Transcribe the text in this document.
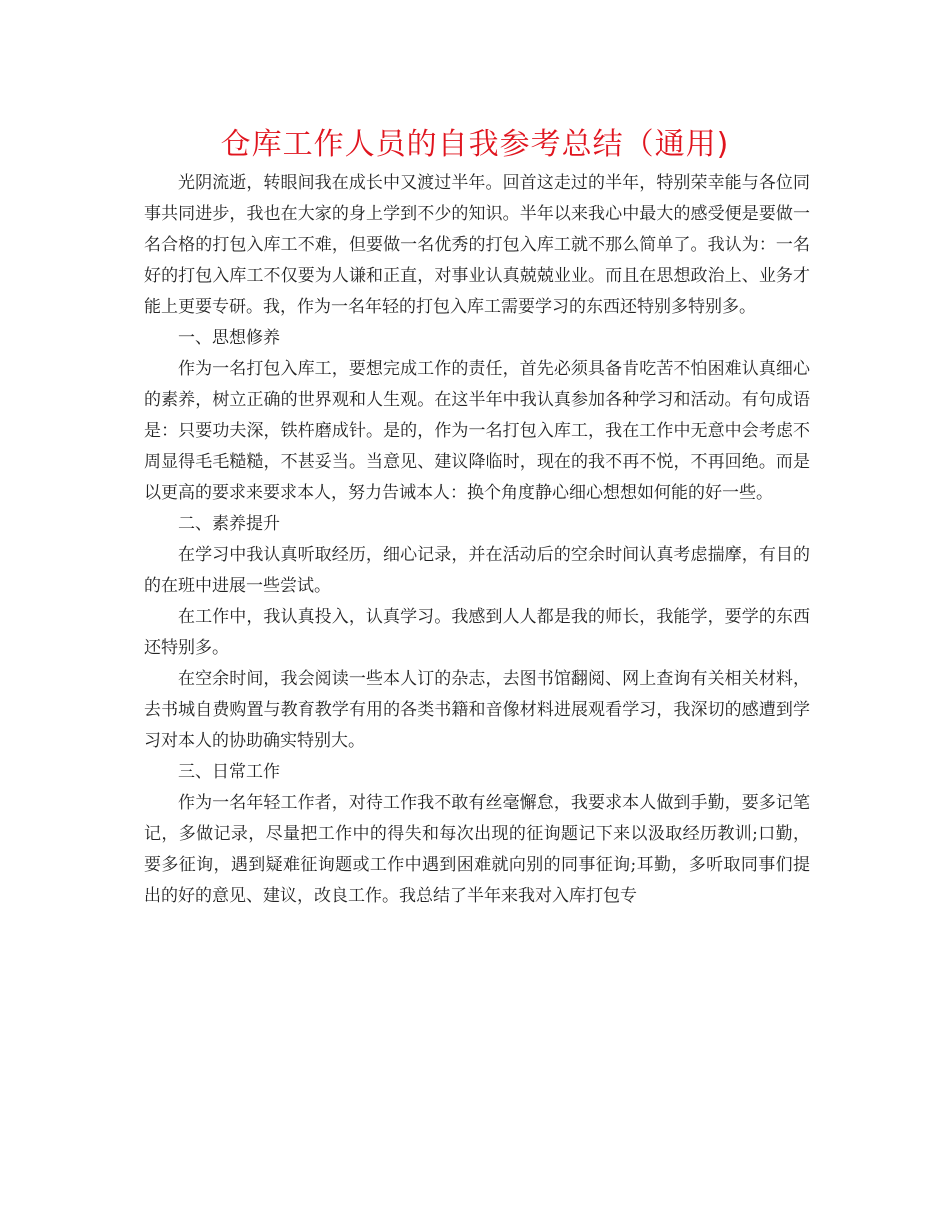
仓库工作人员的自我参考总结（通用)

光阴流逝，转眼间我在成长中又渡过半年。回首这走过的半年，特别荣幸能与各位同事共同进步，我也在大家的身上学到不少的知识。半年以来我心中最大的感受便是要做一名合格的打包入库工不难，但要做一名优秀的打包入库工就不那么简单了。我认为：一名好的打包入库工不仅要为人谦和正直，对事业认真兢兢业业。而且在思想政治上、业务才能上更要专研。我，作为一名年轻的打包入库工需要学习的东西还特别多特别多。

一、思想修养

作为一名打包入库工，要想完成工作的责任，首先必须具备肯吃苦不怕困难认真细心的素养，树立正确的世界观和人生观。在这半年中我认真参加各种学习和活动。有句成语是：只要功夫深，铁杵磨成针。是的，作为一名打包入库工，我在工作中无意中会考虑不周显得毛毛糙糙，不甚妥当。当意见、建议降临时，现在的我不再不悦，不再回绝。而是以更高的要求来要求本人，努力告诫本人：换个角度静心细心想想如何能的好一些。

二、素养提升

在学习中我认真听取经历，细心记录，并在活动后的空余时间认真考虑揣摩，有目的的在班中进展一些尝试。

在工作中，我认真投入，认真学习。我感到人人都是我的师长，我能学，要学的东西还特别多。

在空余时间，我会阅读一些本人订的杂志，去图书馆翻阅、网上查询有关相关材料，去书城自费购置与教育教学有用的各类书籍和音像材料进展观看学习，我深切的感遭到学习对本人的协助确实特别大。

三、日常工作

作为一名年轻工作者，对待工作我不敢有丝毫懈怠，我要求本人做到手勤，要多记笔记，多做记录，尽量把工作中的得失和每次出现的征询题记下来以汲取经历教训;口勤，要多征询，遇到疑难征询题或工作中遇到困难就向别的同事征询;耳勤，多听取同事们提出的好的意见、建议，改良工作。我总结了半年来我对入库打包专
